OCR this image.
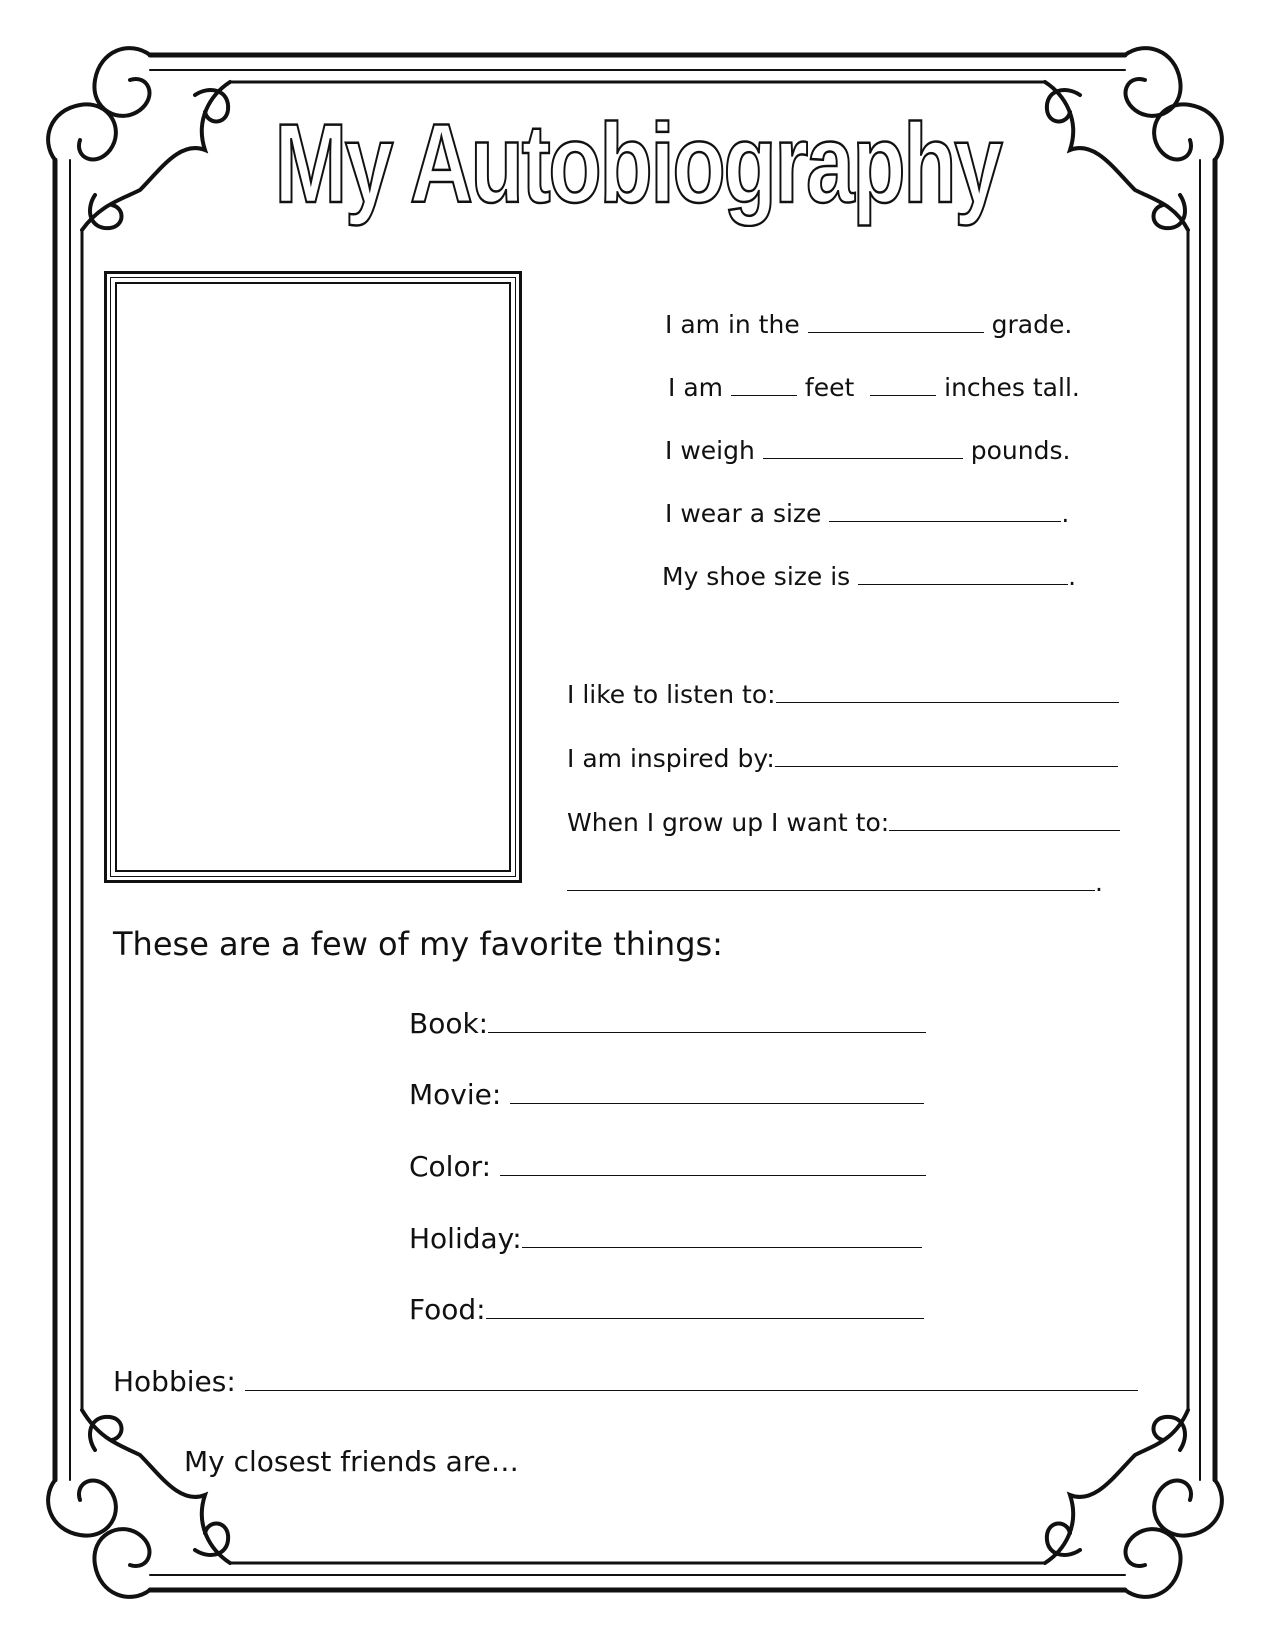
My Autobiography
I am in the	grade.
I am	feet	inches tall.
I weigh	pounds.
I wear a size	.
My shoe size is	.
I like to listen to:
I am inspired by:
When I grow up I want to:
.
These are a few of my favorite things:
Book:
Movie:
Color:
Holiday:
Food:
Hobbies:
My closest friends are…
